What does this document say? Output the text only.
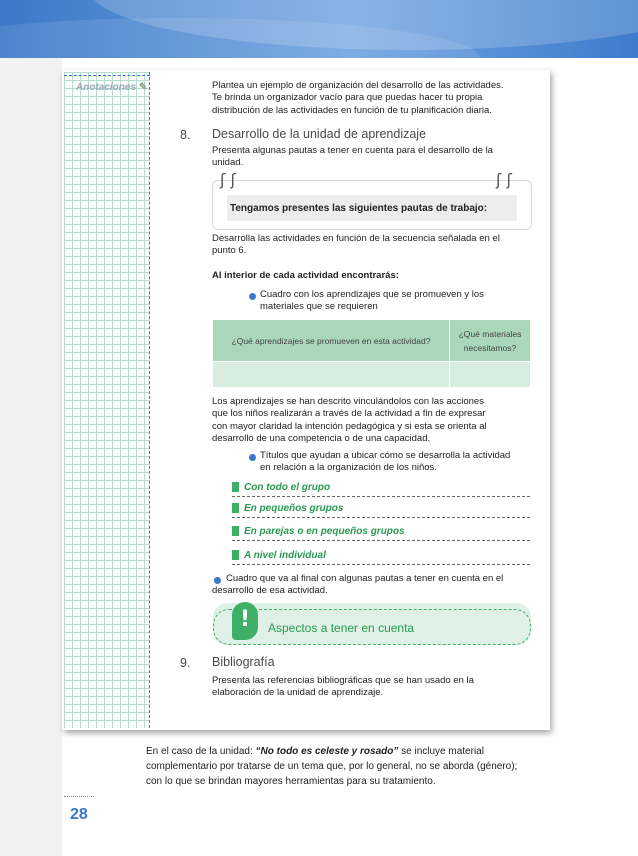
Anotaciones ✎	Plantea un ejemplo de organización del desarrollo de las actividades.
Te brinda un organizador vacío para que puedas hacer tu propia
distribución de las actividades en función de tu planificación diaria.
8. Desarrollo de la unidad de aprendizaje
Presenta algunas pautas a tener en cuenta para el desarrollo de la
unidad.
ʃ ʃ	ʃ ʃ
Tengamos presentes las siguientes pautas de trabajo:
Desarrolla las actividades en función de la secuencia señalada en el
punto 6.
Al interior de cada actividad encontrarás:
Cuadro con los aprendizajes que se promueven y los
materiales que se requieren
¿Qué aprendizajes se promueven en esta actividad?	¿Qué materiales
necesitamos?

Los aprendizajes se han descrito vinculándolos con las acciones
que los niños realizarán a través de la actividad a fin de expresar
con mayor claridad la intención pedagógica y si esta se orienta al
desarrollo de una competencia o de una capacidad.
Títulos que ayudan a ubicar cómo se desarrolla la actividad
en relación a la organización de los niños.
Con todo el grupo
En pequeños grupos
En parejas o en pequeños grupos
A nivel individual
Cuadro que va al final con algunas pautas a tener en cuenta en el
desarrollo de esa actividad.
!	Aspectos a tener en cuenta
9. Bibliografía
Presenta las referencias bibliográficas que se han usado en la
elaboración de la unidad de aprendizaje.
En el caso de la unidad: “No todo es celeste y rosado” se incluye material
complementario por tratarse de un tema que, por lo general, no se aborda (género);
con lo que se brindan mayores herramientas para su tratamiento.
28
